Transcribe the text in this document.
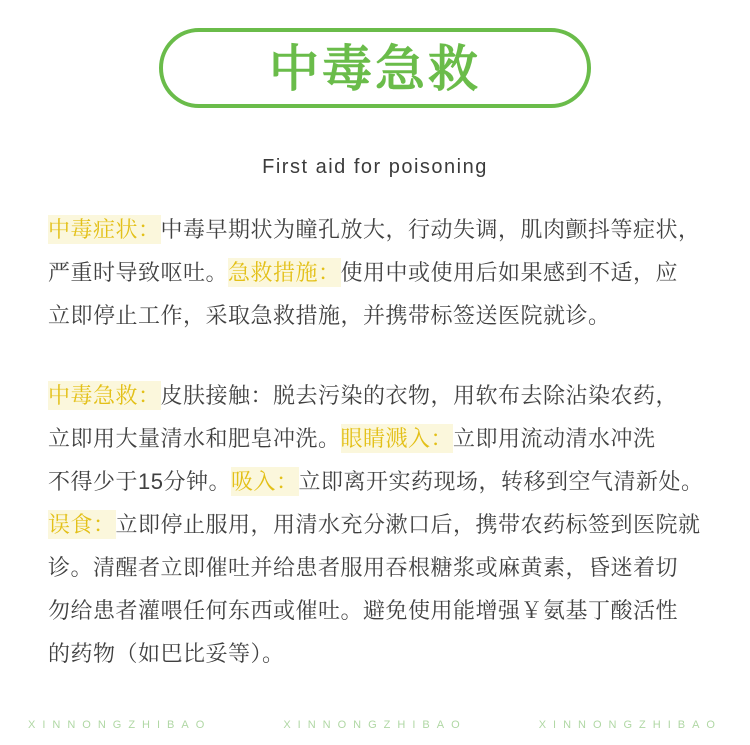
中毒急救
First aid for poisoning

中毒症状：中毒早期状为瞳孔放大，行动失调，肌肉颤抖等症状，
严重时导致呕吐。急救措施：使用中或使用后如果感到不适，应
立即停止工作，采取急救措施，并携带标签送医院就诊。

中毒急救：皮肤接触：脱去污染的衣物，用软布去除沾染农药，
立即用大量清水和肥皂冲洗。眼睛溅入：立即用流动清水冲洗
不得少于15分钟。吸入：立即离开实药现场，转移到空气清新处。
误食：立即停止服用，用清水充分漱口后，携带农药标签到医院就
诊。清醒者立即催吐并给患者服用吞根糖浆或麻黄素，昏迷着切
勿给患者灌喂任何东西或催吐。避免使用能增强￥氨基丁酸活性
的药物（如巴比妥等）。

XINNONGZHIBAO	XINNONGZHIBAO	XINNONGZHIBAO
